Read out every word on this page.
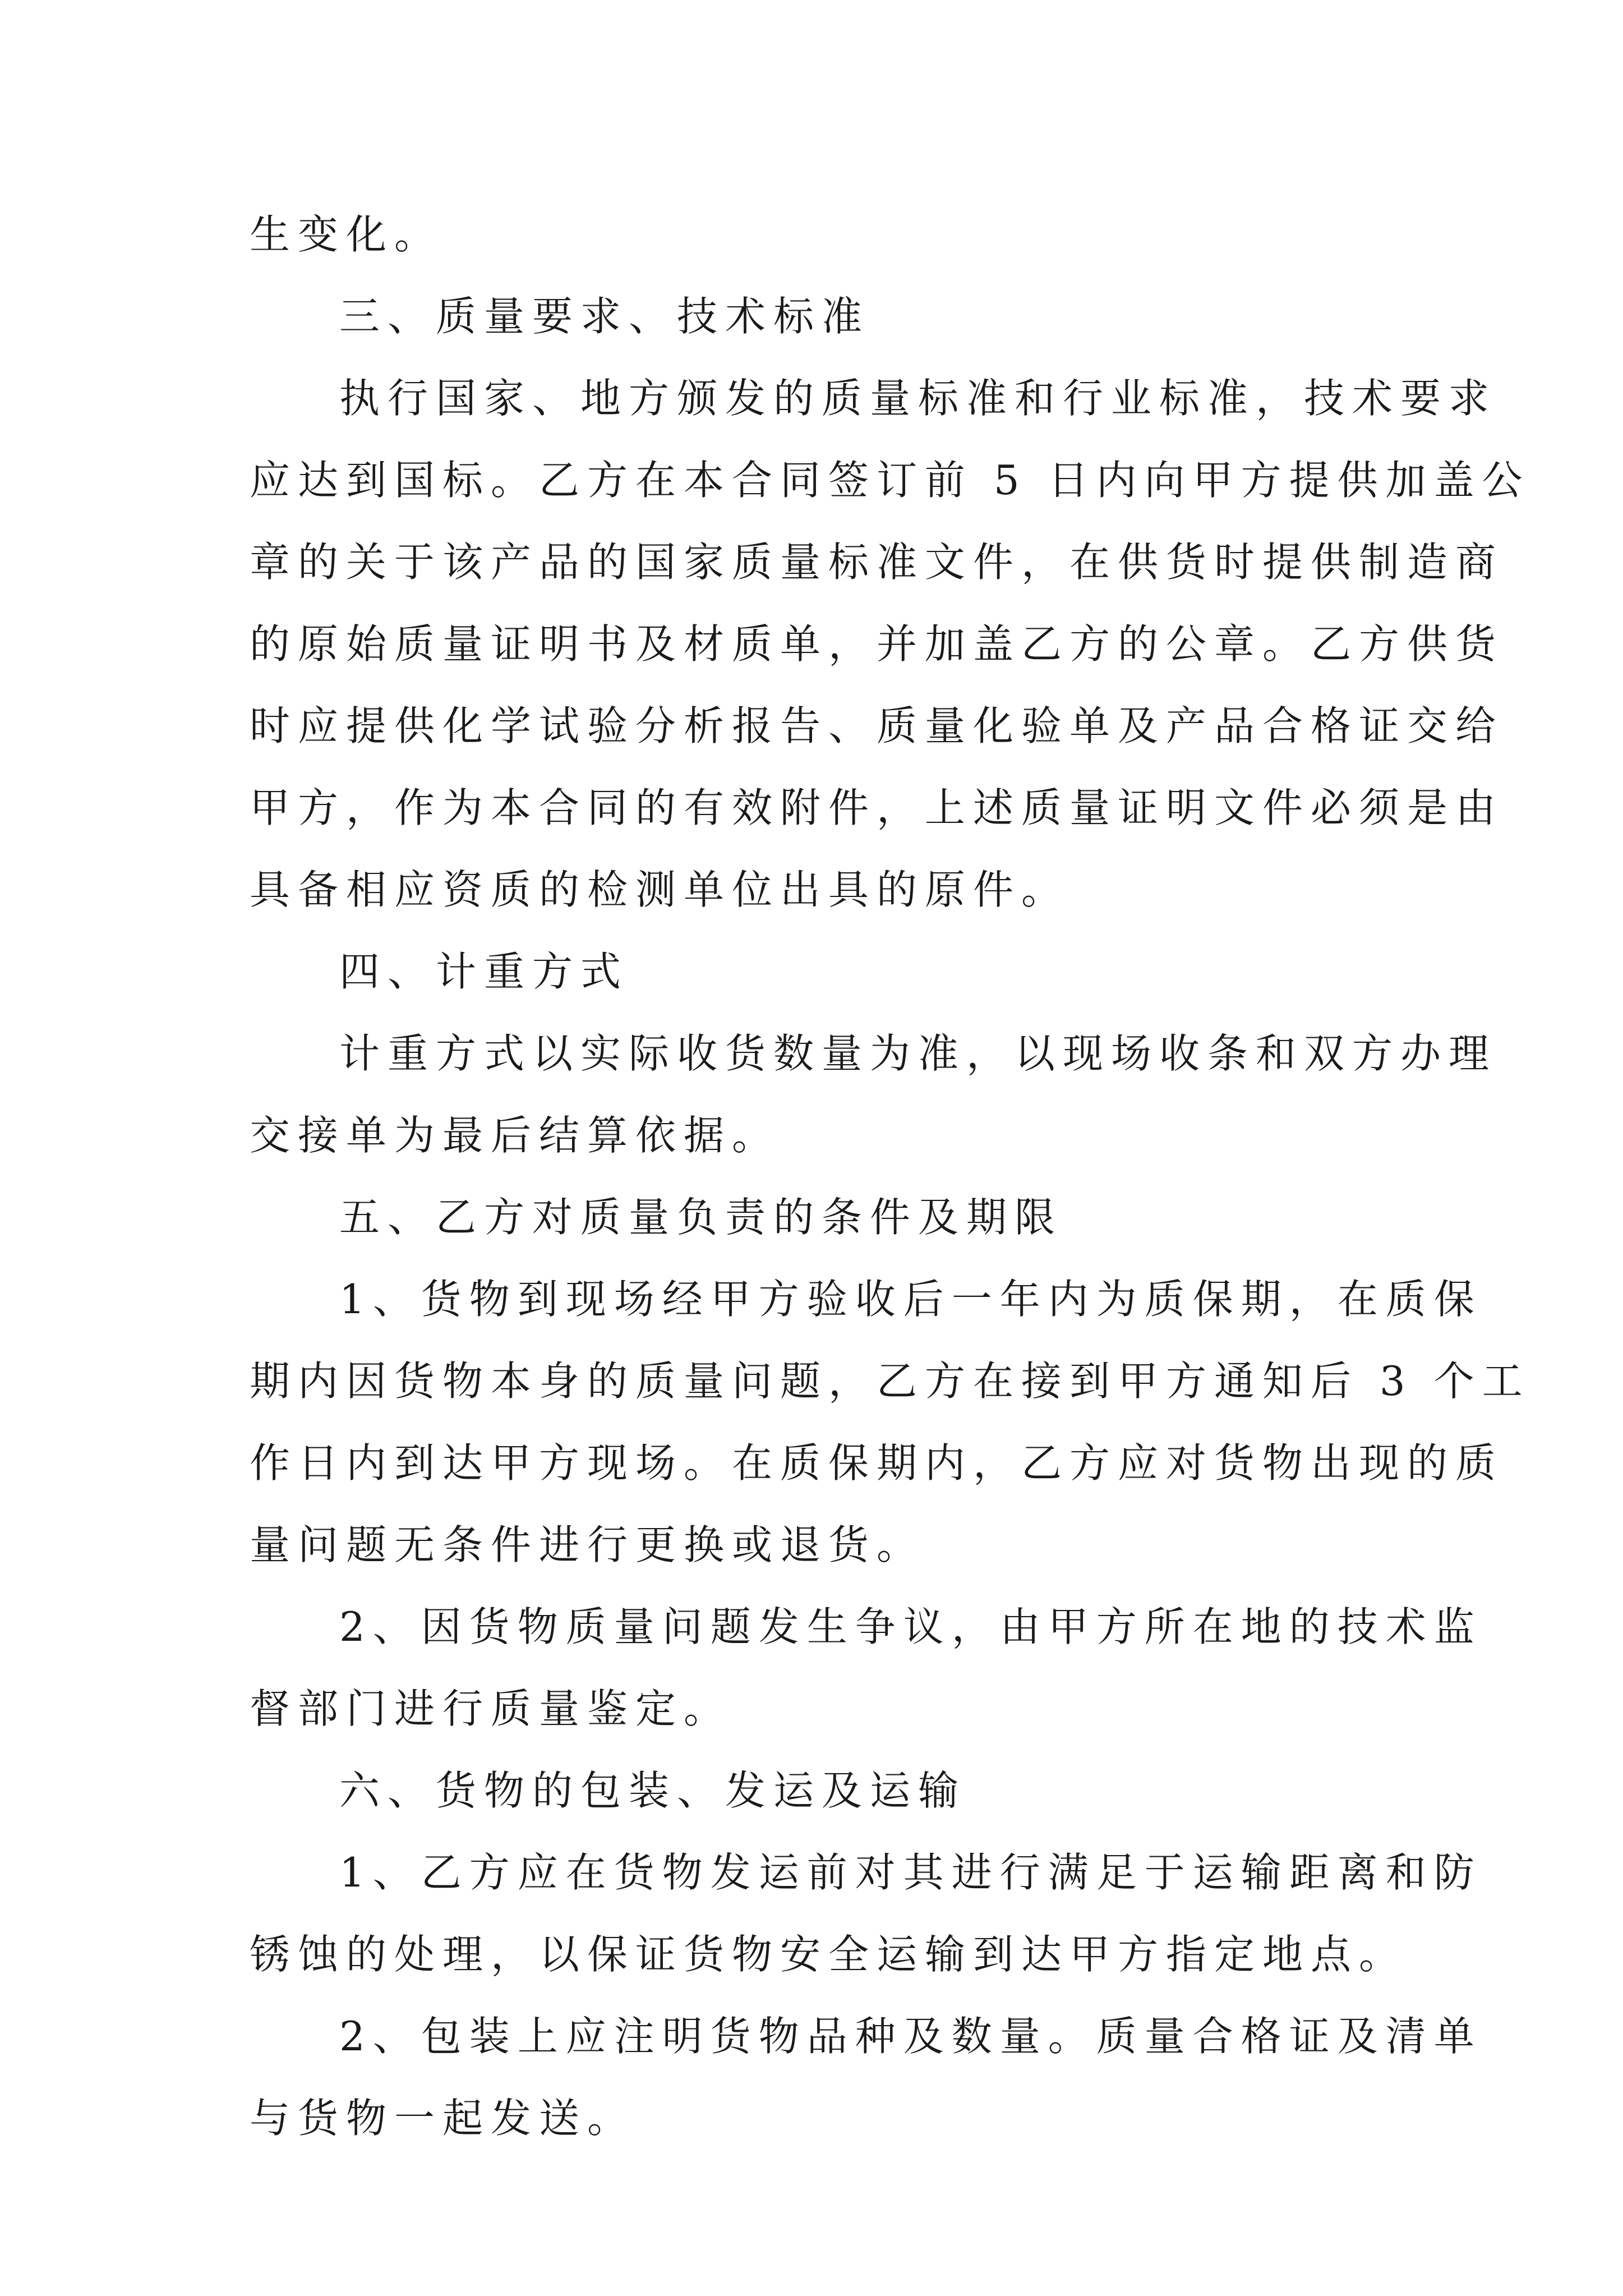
生变化。
三、质量要求、技术标准
执行国家、地方颁发的质量标准和行业标准，技术要求
应达到国标。乙方在本合同签订前 5 日内向甲方提供加盖公
章的关于该产品的国家质量标准文件，在供货时提供制造商
的原始质量证明书及材质单，并加盖乙方的公章。乙方供货
时应提供化学试验分析报告、质量化验单及产品合格证交给
甲方，作为本合同的有效附件，上述质量证明文件必须是由
具备相应资质的检测单位出具的原件。
四、计重方式
计重方式以实际收货数量为准，以现场收条和双方办理
交接单为最后结算依据。
五、乙方对质量负责的条件及期限
1、货物到现场经甲方验收后一年内为质保期，在质保
期内因货物本身的质量问题，乙方在接到甲方通知后 3 个工
作日内到达甲方现场。在质保期内，乙方应对货物出现的质
量问题无条件进行更换或退货。
2、因货物质量问题发生争议，由甲方所在地的技术监
督部门进行质量鉴定。
六、货物的包装、发运及运输
1、乙方应在货物发运前对其进行满足于运输距离和防
锈蚀的处理，以保证货物安全运输到达甲方指定地点。
2、包装上应注明货物品种及数量。质量合格证及清单
与货物一起发送。
